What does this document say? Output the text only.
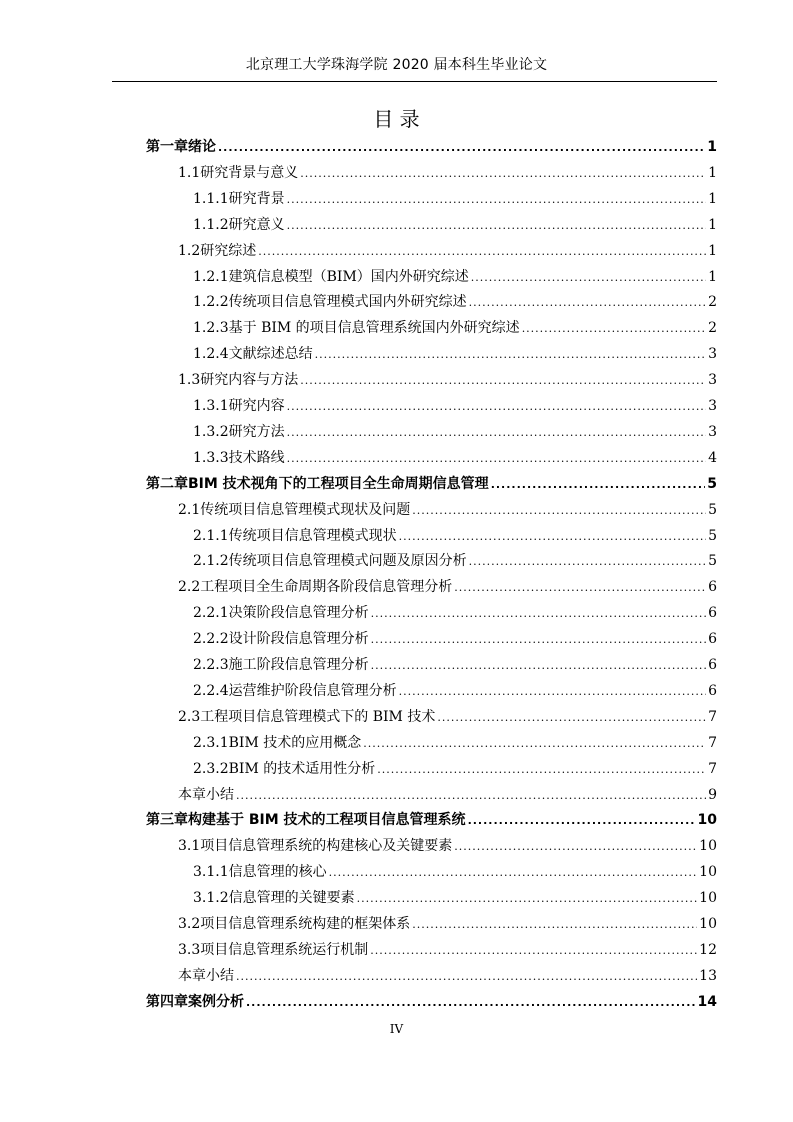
北京理工大学珠海学院 2020 届本科生毕业论文
目 录
第一章 绪论 .....	1
1.1 研究背景与意义 .....	1
1.1.1 研究背景 .....	1
1.1.2 研究意义 .....	1
1.2 研究综述 .....	1
1.2.1 建筑信息模型（BIM）国内外研究综述 .....	1
1.2.2 传统项目信息管理模式国内外研究综述 .....	2
1.2.3 基于 BIM 的项目信息管理系统国内外研究综述 .....	2
1.2.4 文献综述总结 .....	3
1.3 研究内容与方法 .....	3
1.3.1 研究内容 .....	3
1.3.2 研究方法 .....	3
1.3.3 技术路线 .....	4
第二章 BIM 技术视角下的工程项目全生命周期信息管理 .....	5
2.1 传统项目信息管理模式现状及问题 .....	5
2.1.1 传统项目信息管理模式现状 .....	5
2.1.2 传统项目信息管理模式问题及原因分析 .....	5
2.2 工程项目全生命周期各阶段信息管理分析 .....	6
2.2.1 决策阶段信息管理分析 .....	6
2.2.2 设计阶段信息管理分析 .....	6
2.2.3 施工阶段信息管理分析 .....	6
2.2.4 运营维护阶段信息管理分析 .....	6
2.3 工程项目信息管理模式下的 BIM 技术 .....	7
2.3.1 BIM 技术的应用概念 .....	7
2.3.2 BIM 的技术适用性分析 .....	7
本章小结 .....	9
第三章 构建基于 BIM 技术的工程项目信息管理系统 .....	10
3.1 项目信息管理系统的构建核心及关键要素 .....	10
3.1.1 信息管理的核心 .....	10
3.1.2 信息管理的关键要素 .....	10
3.2 项目信息管理系统构建的框架体系 .....	10
3.3 项目信息管理系统运行机制 .....	12
本章小结 .....	13
第四章 案例分析 .....	14
IV
